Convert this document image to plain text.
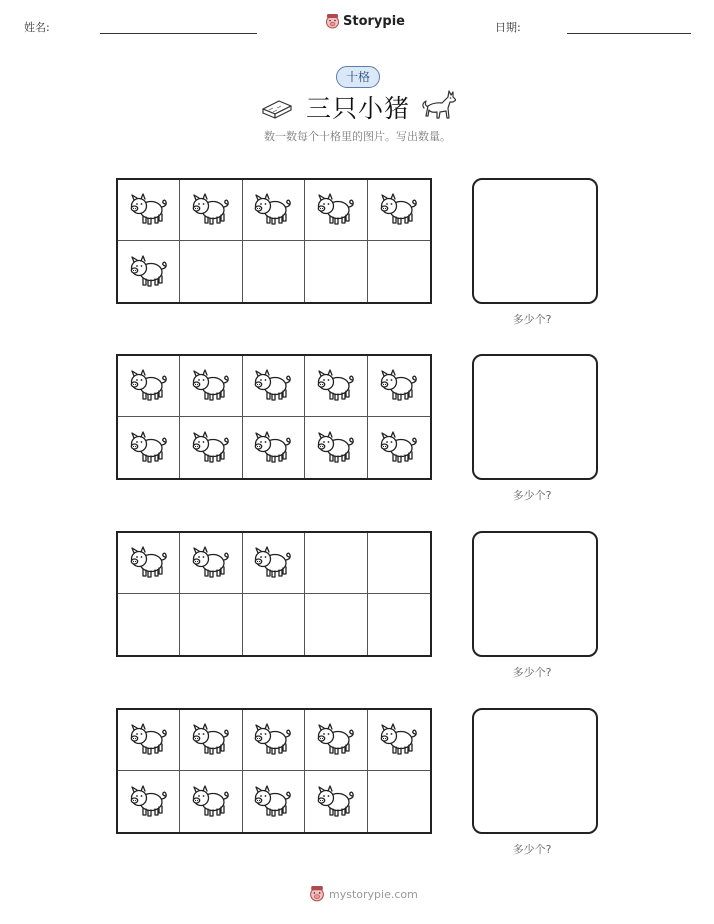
姓名:	Storypie	日期:
十格
三只小猪
数一数每个十格里的图片。写出数量。
多少个?
多少个?
多少个?
多少个?
mystorypie.com
